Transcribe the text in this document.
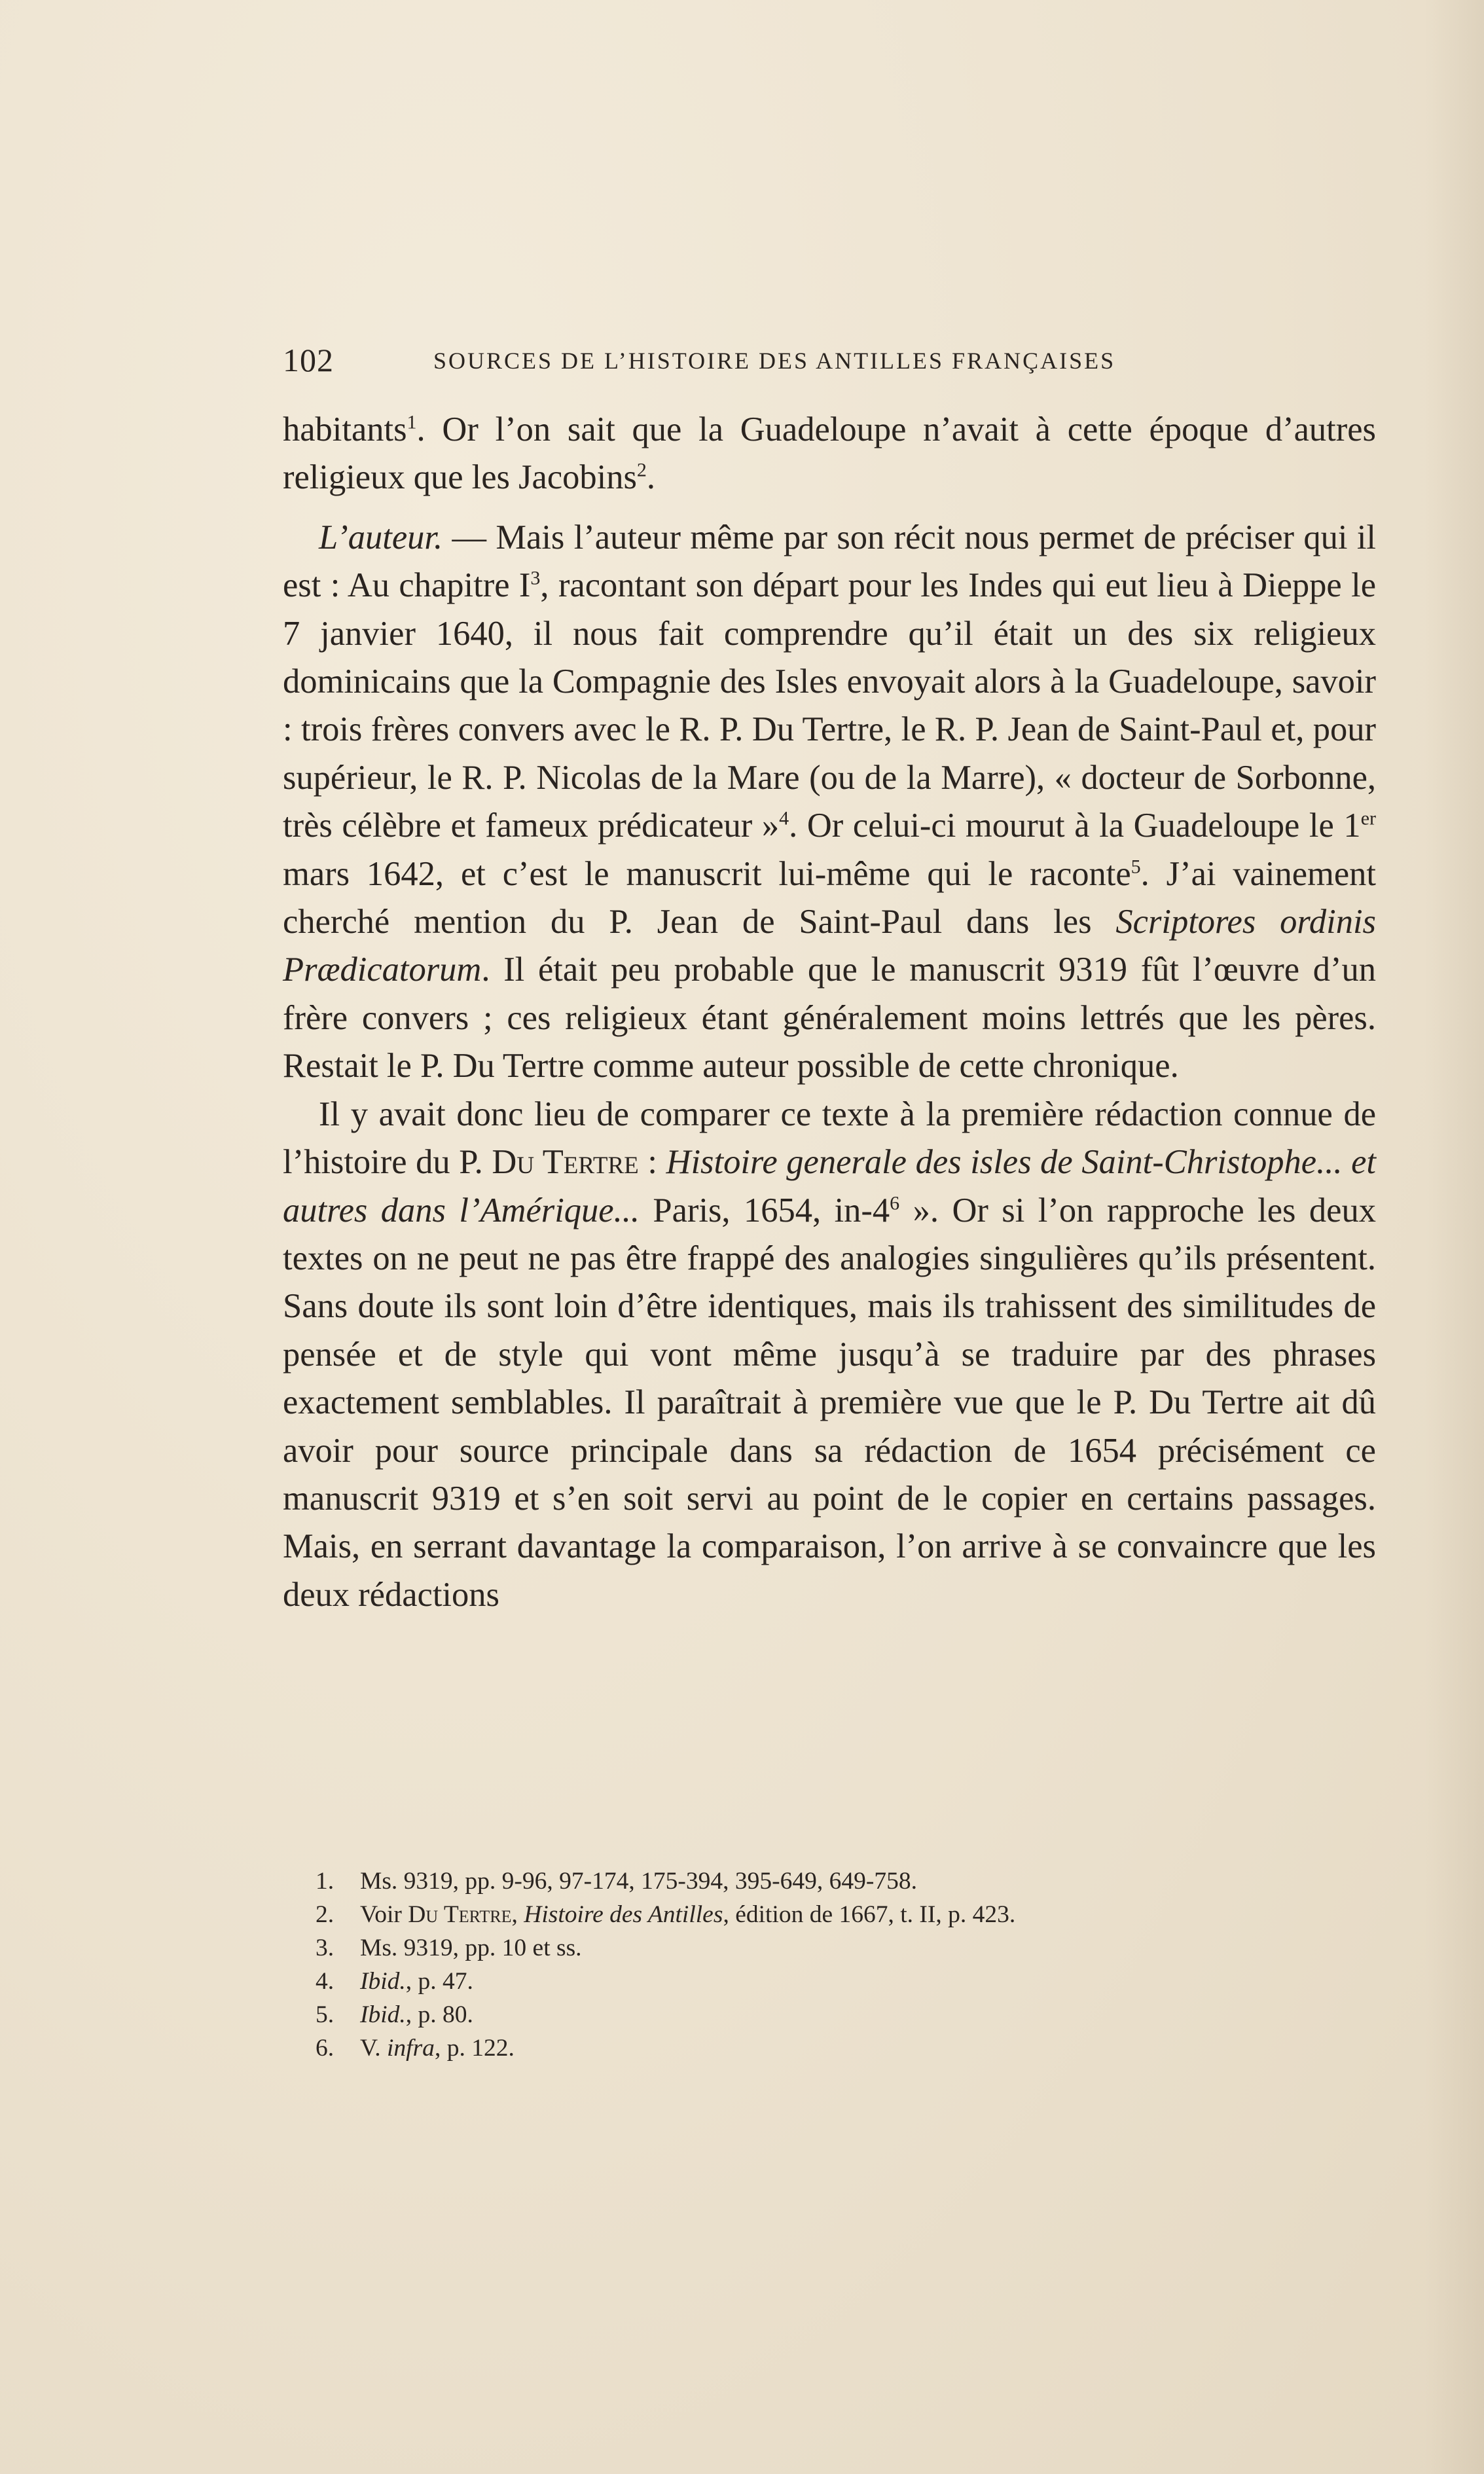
102	SOURCES DE L’HISTOIRE DES ANTILLES FRANÇAISES

habitants$^1$. Or l’on sait que la Guadeloupe n’avait à cette époque d’autres religieux que les Jacobins$^2$.

L’auteur. — Mais l’auteur même par son récit nous permet de préciser qui il est : Au chapitre $I^3$, racontant son départ pour les Indes qui eut lieu à Dieppe le 7 janvier 1640, il nous fait comprendre qu’il était un des six religieux dominicains que la Compagnie des Isles envoyait alors à la Guadeloupe, savoir : trois frères convers avec le R. P. Du Tertre, le R. P. Jean de Saint-Paul et, pour supérieur, le R. P. Nicolas de la Mare (ou de la Marre), « docteur de Sorbonne, très célèbre et fameux prédicateur »$^4$. Or celui-ci mourut à la Guadeloupe le 1er mars 1642, et c’est le manuscrit lui-même qui le raconte$^5$. J’ai vainement cherché mention du P. Jean de Saint-Paul dans les Scriptores ordinis Prædicatorum. Il était peu probable que le manuscrit 9319 fût l’œuvre d’un frère convers ; ces religieux étant généralement moins lettrés que les pères. Restait le P. Du Tertre comme auteur possible de cette chronique.

Il y avait donc lieu de comparer ce texte à la première rédaction connue de l’histoire du P. Du Tertre : Histoire generale des isles de Saint-Christophe... et autres dans l’Amérique... Paris, 1654, $in-4^6$ ». Or si l’on rapproche les deux textes on ne peut ne pas être frappé des analogies singulières qu’ils présentent. Sans doute ils sont loin d’être identiques, mais ils trahissent des similitudes de pensée et de style qui vont même jusqu’à se traduire par des phrases exactement semblables. Il paraîtrait à première vue que le P. Du Tertre ait dû avoir pour source principale dans sa rédaction de 1654 précisément ce manuscrit 9319 et s’en soit servi au point de le copier en certains passages. Mais, en serrant davantage la comparaison, l’on arrive à se convaincre que les deux rédactions

1.	Ms. 9319, pp. 9-96, 97-174, 175-394, 395-649, 649-758.
2.	Voir Du Tertre, Histoire des Antilles, édition de 1667, t. II, p. 423.
3.	Ms. 9319, pp. 10 et ss.
4.	Ibid., p. 47.
5.	Ibid., p. 80.
6.	V. infra, p. 122.
